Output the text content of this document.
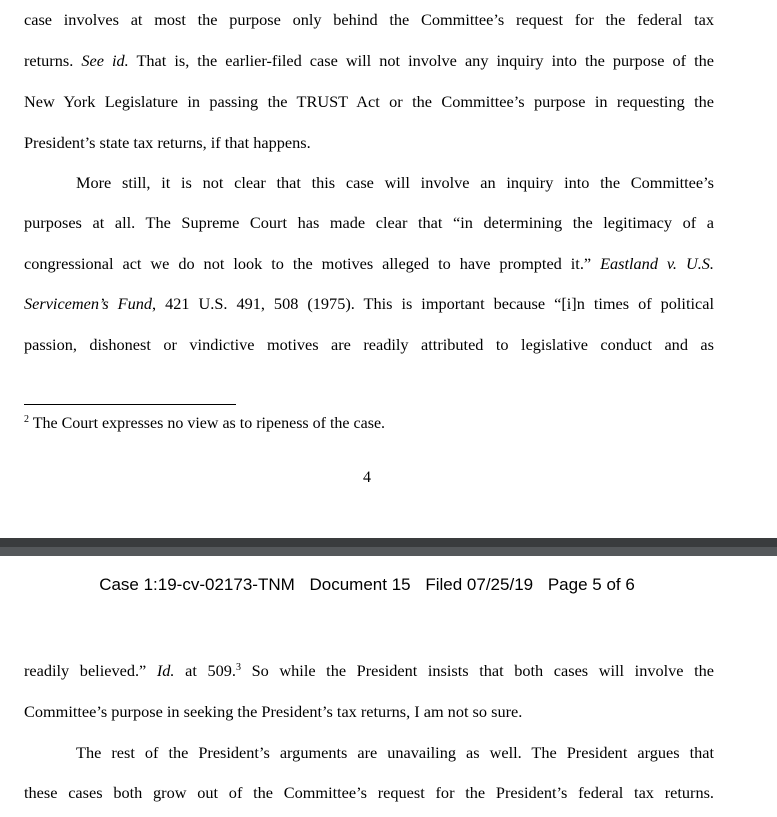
case involves at most the purpose only behind the Committee’s request for the federal tax
returns. See id. That is, the earlier-filed case will not involve any inquiry into the purpose of the
New York Legislature in passing the TRUST Act or the Committee’s purpose in requesting the
President’s state tax returns, if that happens.
More still, it is not clear that this case will involve an inquiry into the Committee’s
purposes at all. The Supreme Court has made clear that “in determining the legitimacy of a
congressional act we do not look to the motives alleged to have prompted it.” Eastland v. U.S.
Servicemen’s Fund, 421 U.S. 491, 508 (1975). This is important because “[i]n times of political
passion, dishonest or vindictive motives are readily attributed to legislative conduct and as
$^2$ The Court expresses no view as to ripeness of the case.
4
Case 1:19-cv-02173-TNM Document 15 Filed 07/25/19 Page 5 of 6
readily believed.” Id. at 509.$^3$ So while the President insists that both cases will involve the
Committee’s purpose in seeking the President’s tax returns, I am not so sure.
The rest of the President’s arguments are unavailing as well. The President argues that
these cases both grow out of the Committee’s request for the President’s federal tax returns.
